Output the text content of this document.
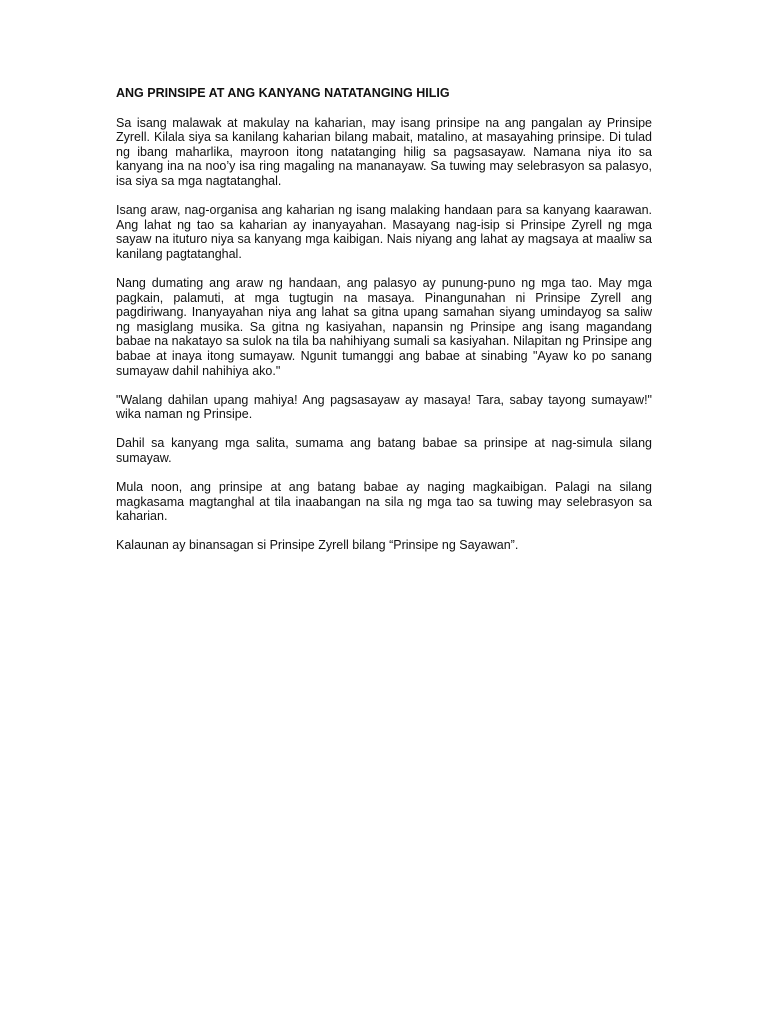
ANG PRINSIPE AT ANG KANYANG NATATANGING HILIG

Sa isang malawak at makulay na kaharian, may isang prinsipe na ang pangalan ay Prinsipe Zyrell. Kilala siya sa kanilang kaharian bilang mabait, matalino, at masayahing prinsipe. Di tulad ng ibang maharlika, mayroon itong natatanging hilig sa pagsasayaw. Namana niya ito sa kanyang ina na noo’y isa ring magaling na mananayaw. Sa tuwing may selebrasyon sa palasyo, isa siya sa mga nagtatanghal.

Isang araw, nag-organisa ang kaharian ng isang malaking handaan para sa kanyang kaarawan. Ang lahat ng tao sa kaharian ay inanyayahan. Masayang nag-isip si Prinsipe Zyrell ng mga sayaw na ituturo niya sa kanyang mga kaibigan. Nais niyang ang lahat ay magsaya at maaliw sa kanilang pagtatanghal.

Nang dumating ang araw ng handaan, ang palasyo ay punung-puno ng mga tao. May mga pagkain, palamuti, at mga tugtugin na masaya. Pinangunahan ni Prinsipe Zyrell ang pagdiriwang. Inanyayahan niya ang lahat sa gitna upang samahan siyang umindayog sa saliw ng masiglang musika. Sa gitna ng kasiyahan, napansin ng Prinsipe ang isang magandang babae na nakatayo sa sulok na tila ba nahihiyang sumali sa kasiyahan. Nilapitan ng Prinsipe ang babae at inaya itong sumayaw. Ngunit tumanggi ang babae at sinabing "Ayaw ko po sanang sumayaw dahil nahihiya ako."

"Walang dahilan upang mahiya! Ang pagsasayaw ay masaya! Tara, sabay tayong sumayaw!" wika naman ng Prinsipe.

Dahil sa kanyang mga salita, sumama ang batang babae sa prinsipe at nag-simula silang sumayaw.

Mula noon, ang prinsipe at ang batang babae ay naging magkaibigan. Palagi na silang magkasama magtanghal at tila inaabangan na sila ng mga tao sa tuwing may selebrasyon sa kaharian.

Kalaunan ay binansagan si Prinsipe Zyrell bilang “Prinsipe ng Sayawan”.
